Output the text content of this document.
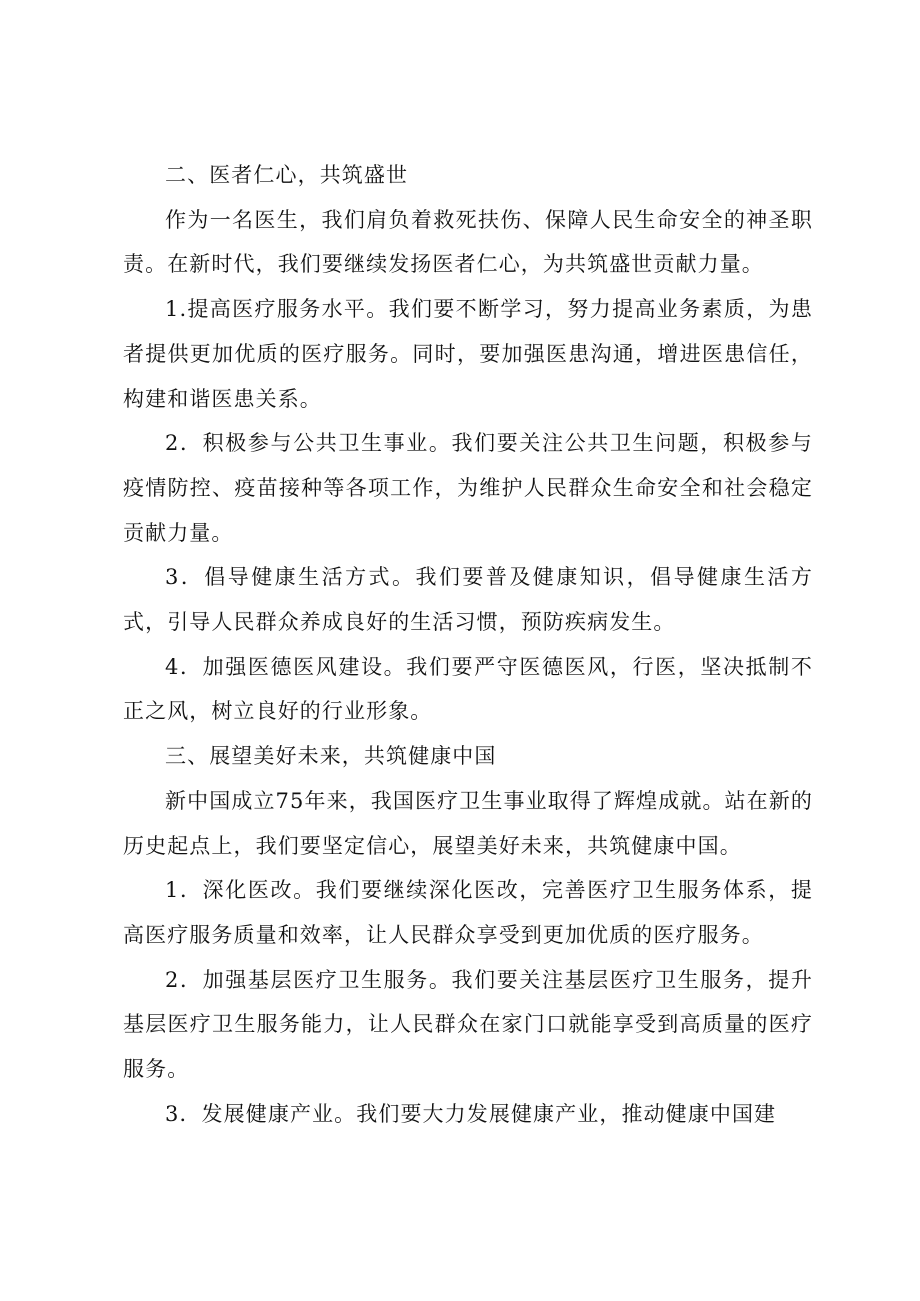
二、医者仁心，共筑盛世

作为一名医生，我们肩负着救死扶伤、保障人民生命安全的神圣职责。在新时代，我们要继续发扬医者仁心，为共筑盛世贡献力量。

1.提高医疗服务水平。我们要不断学习，努力提高业务素质，为患者提供更加优质的医疗服务。同时，要加强医患沟通，增进医患信任，构建和谐医患关系。

2．积极参与公共卫生事业。我们要关注公共卫生问题，积极参与疫情防控、疫苗接种等各项工作，为维护人民群众生命安全和社会稳定贡献力量。

3．倡导健康生活方式。我们要普及健康知识，倡导健康生活方式，引导人民群众养成良好的生活习惯，预防疾病发生。

4．加强医德医风建设。我们要严守医德医风，行医，坚决抵制不正之风，树立良好的行业形象。

三、展望美好未来，共筑健康中国

新中国成立75年来，我国医疗卫生事业取得了辉煌成就。站在新的历史起点上，我们要坚定信心，展望美好未来，共筑健康中国。

1．深化医改。我们要继续深化医改，完善医疗卫生服务体系，提高医疗服务质量和效率，让人民群众享受到更加优质的医疗服务。

2．加强基层医疗卫生服务。我们要关注基层医疗卫生服务，提升基层医疗卫生服务能力，让人民群众在家门口就能享受到高质量的医疗服务。

3．发展健康产业。我们要大力发展健康产业，推动健康中国建
